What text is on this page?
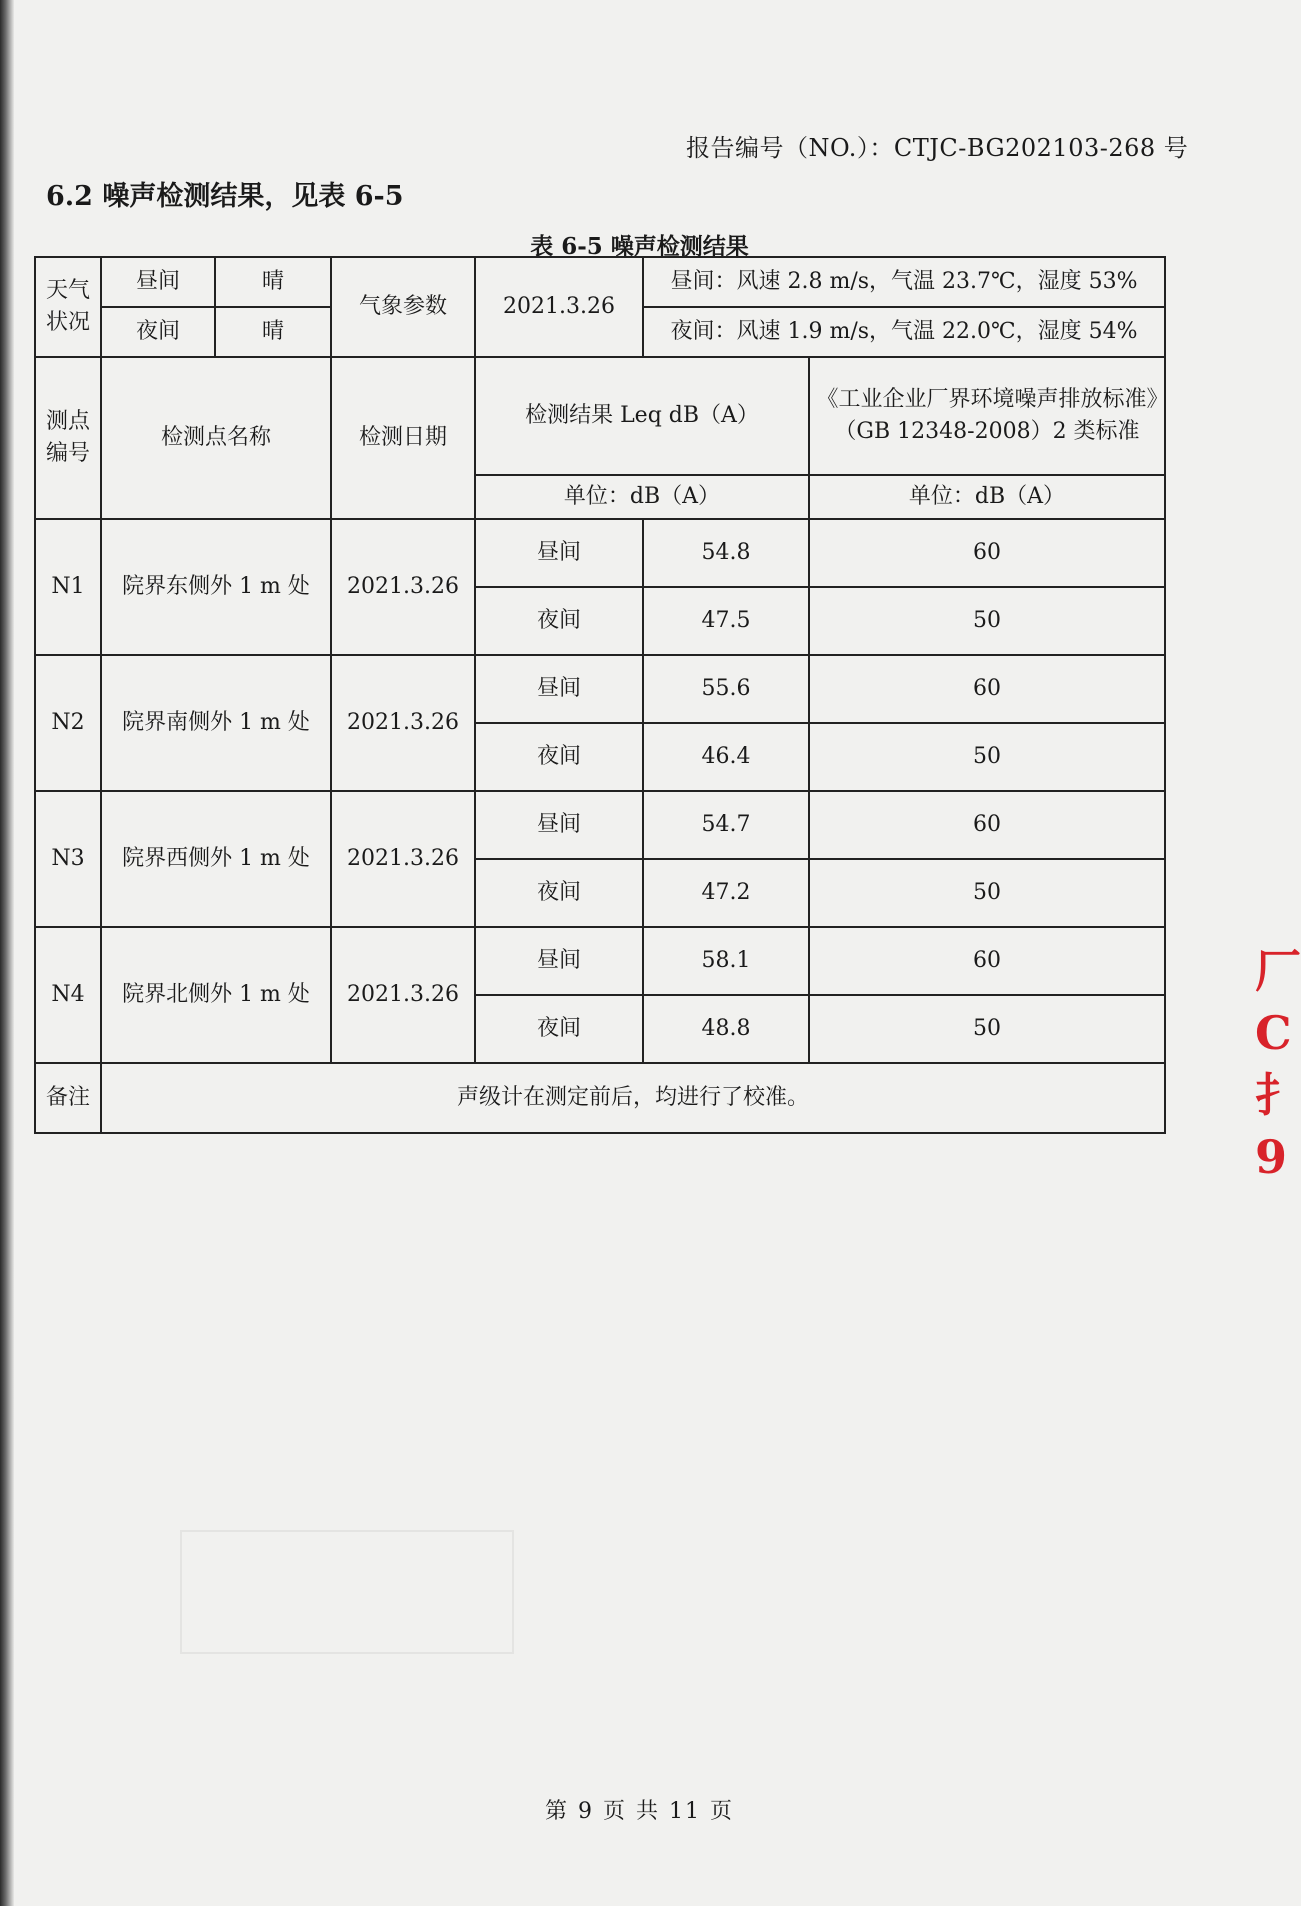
报告编号（NO.）：CTJC-BG202103-268 号
6.2 噪声检测结果，见表 6-5
表 6-5 噪声检测结果
天气状况	昼间	晴	气象参数	2021.3.26	昼间：风速 2.8 m/s，气温 23.7℃，湿度 53%	
	夜间	晴			夜间：风速 1.9 m/s，气温 22.0℃，湿度 54%	
测点编号	检测点名称		检测日期	检测结果 Leq dB（A）		《工业企业厂界环境噪声排放标准》（GB 12348-2008）2 类标准
				单位：dB（A）		单位：dB（A）
N1	院界东侧外 1 m 处		2021.3.26	昼间	54.8	60
				夜间	47.5	50
N2	院界南侧外 1 m 处		2021.3.26	昼间	55.6	60
				夜间	46.4	50
N3	院界西侧外 1 m 处		2021.3.26	昼间	54.7	60
				夜间	47.2	50
N4	院界北侧外 1 m 处		2021.3.26	昼间	58.1	60
				夜间	48.8	50
备注	声级计在测定前后，均进行了校准。					
厂
C
扌
9
第 9 页 共 11 页
